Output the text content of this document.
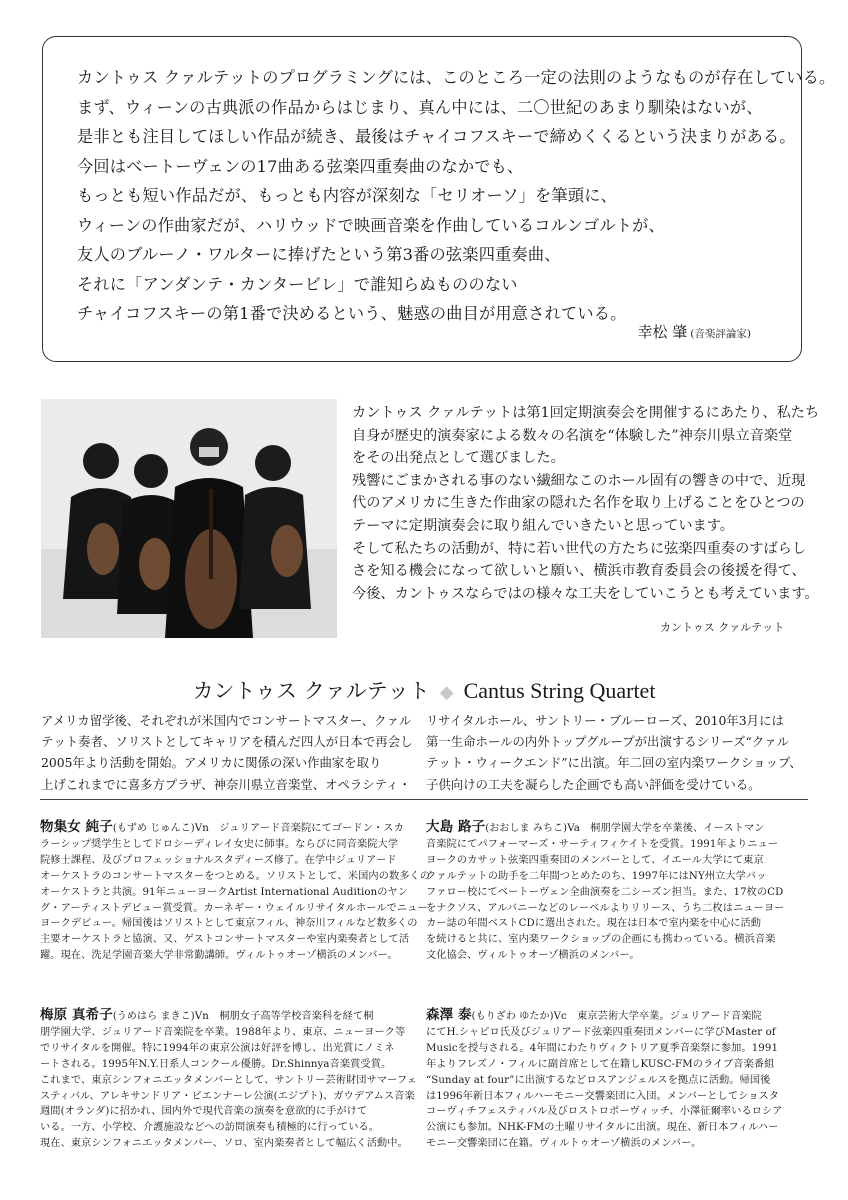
カントゥス クァルテットのプログラミングには、このところ一定の法則のようなものが存在している。
まず、ウィーンの古典派の作品からはじまり、真ん中には、二〇世紀のあまり馴染はないが、
是非とも注目してほしい作品が続き、最後はチャイコフスキーで締めくくるという決まりがある。
今回はベートーヴェンの17曲ある弦楽四重奏曲のなかでも、
もっとも短い作品だが、もっとも内容が深刻な「セリオーソ」を筆頭に、
ウィーンの作曲家だが、ハリウッドで映画音楽を作曲しているコルンゴルトが、
友人のブルーノ・ワルターに捧げたという第3番の弦楽四重奏曲、
それに「アンダンテ・カンタービレ」で誰知らぬもののない
チャイコフスキーの第1番で決めるという、魅惑の曲目が用意されている。
幸松 肇 (音楽評論家)
カントゥス クァルテットは第1回定期演奏会を開催するにあたり、私たち
自身が歴史的演奏家による数々の名演を“体験した”神奈川県立音楽堂
をその出発点として選びました。
残響にごまかされる事のない繊細なこのホール固有の響きの中で、近現
代のアメリカに生きた作曲家の隠れた名作を取り上げることをひとつの
テーマに定期演奏会に取り組んでいきたいと思っています。
そして私たちの活動が、特に若い世代の方たちに弦楽四重奏のすばらし
さを知る機会になって欲しいと願い、横浜市教育委員会の後援を得て、
今後、カントゥスならではの様々な工夫をしていこうとも考えています。
カントゥス クァルテット
カントゥス クァルテット ◆ Cantus String Quartet
アメリカ留学後、それぞれが米国内でコンサートマスター、クァル
テット奏者、ソリストとしてキャリアを積んだ四人が日本で再会し
2005年より活動を開始。アメリカに関係の深い作曲家を取り
上げこれまでに喜多方プラザ、神奈川県立音楽堂、オペラシティ・
リサイタルホール、サントリー・ブルーローズ、2010年3月には
第一生命ホールの内外トップグループが出演するシリーズ“クァル
テット・ウィークエンド”に出演。年二回の室内楽ワークショップ、
子供向けの工夫を凝らした企画でも高い評価を受けている。
物集女 純子(もずめ じゅんこ)Vn　ジュリアード音楽院にてゴードン・スカ
ラーシップ奨学生としてドロシーディレイ女史に師事。ならびに同音楽院大学
院修士課程、及びプロフェッショナルスタディーズ修了。在学中ジュリアード
オーケストラのコンサートマスターをつとめる。ソリストとして、米国内の数多くの
オーケストラと共演。91年ニューヨークArtist International Auditionのヤン
グ・アーティストデビュー賞受賞。カーネギー・ウェイルリサイタルホールでニュー
ヨークデビュー。帰国後はソリストとして東京フィル、神奈川フィルなど数多くの
主要オーケストラと協演、又、ゲストコンサートマスターや室内楽奏者として活
躍。現在、洗足学園音楽大学非常勤講師。ヴィルトゥオーゾ横浜のメンバー。
大島 路子(おおしま みちこ)Va　桐朋学園大学を卒業後、イーストマン
音楽院にてパフォーマーズ・サーティフィケイトを受賞。1991年よりニュー
ヨークのカサット弦楽四重奏団のメンバーとして、イエール大学にて東京
クァルテットの助手を二年間つとめたのち、1997年にはNY州立大学バッ
ファロー校にてベートーヴェン全曲演奏を二シーズン担当。また、17枚のCD
をナクソス、アルバニーなどのレーベルよりリリース、うち二枚はニューヨー
カー誌の年間ベストCDに選出された。現在は日本で室内楽を中心に活動
を続けると共に、室内楽ワークショップの企画にも携わっている。横浜音楽
文化協会、ヴィルトゥオーゾ横浜のメンバー。
梅原 真希子(うめはら まきこ)Vn　桐朋女子高等学校音楽科を経て桐
朋学園大学、ジュリアード音楽院を卒業。1988年より、東京、ニューヨーク等
でリサイタルを開催。特に1994年の東京公演は好評を博し、出光賞にノミネ
ートされる。1995年N.Y.日系人コンクール優勝。Dr.Shinnya音楽賞受賞。
これまで、東京シンフォニエッタメンバーとして、サントリー芸術財団サマーフェ
スティバル、アレキサンドリア・ビエンナーレ公演(エジプト)、ガウデアムス音楽
週間(オランダ)に招かれ、国内外で現代音楽の演奏を意欲的に手がけて
いる。一方、小学校、介護施設などへの訪問演奏も積極的に行っている。
現在、東京シンフォニエッタメンバー、ソロ、室内楽奏者として幅広く活動中。
森澤 泰(もりざわ ゆたか)Vc　東京芸術大学卒業。ジュリアード音楽院
にてH.シャピロ氏及びジュリアード弦楽四重奏団メンバーに学びMaster of
Musicを授与される。4年間にわたりヴィクトリア夏季音楽祭に参加。1991
年よりフレズノ・フィルに副首席として在籍しKUSC-FMのライブ音楽番組
“Sunday at four”に出演するなどロスアンジェルスを拠点に活動。帰国後
は1996年新日本フィルハーモニー交響楽団に入団。メンバーとしてショスタ
コーヴィチフェスティバル及びロストロポーヴィッチ、小澤征爾率いるロシア
公演にも参加。NHK-FMの土曜リサイタルに出演。現在、新日本フィルハー
モニー交響楽団に在籍。ヴィルトゥオーゾ横浜のメンバー。
